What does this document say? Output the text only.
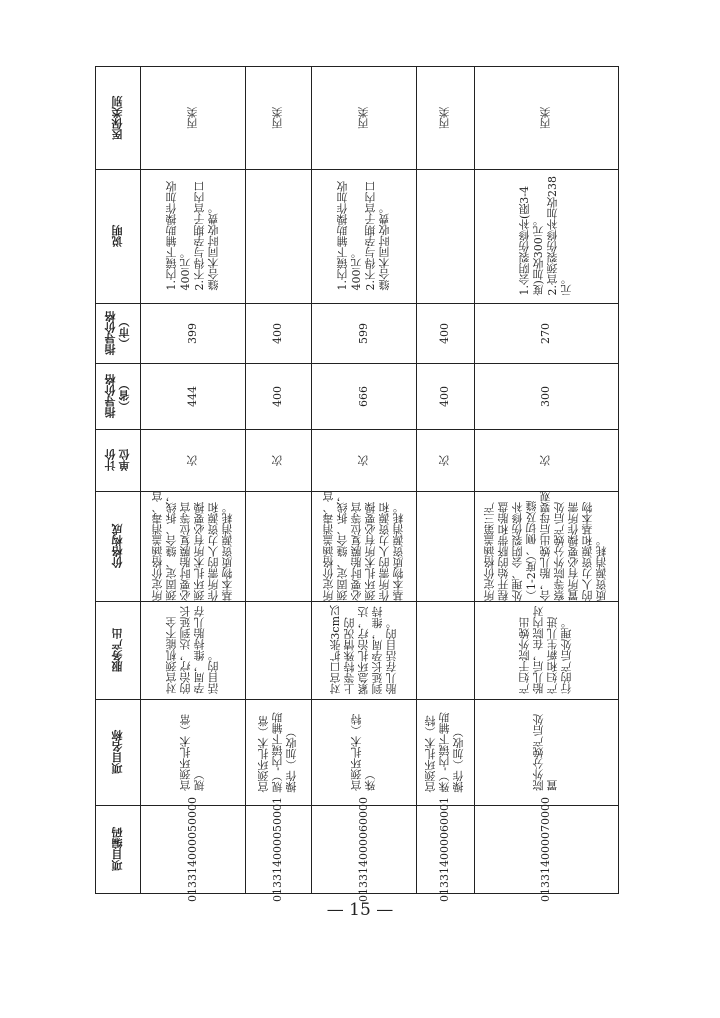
项目编码
项目名称
服务产出
价格构成
计价
单位
指导价格
（省）
指导价格
（市）
说明
医保类别
013314000050000
宫颈环扎术（常
规）
对宫颈机能不全
的治疗，达到延长
孕周，维持胎儿存
活目的。
所定价格涵盖消毒、宫
颈固定、缝合、拆线，
必要时胎膜复位等宫
颈环扎术所有必要操
作所需的人力资源和
基本物质资源消耗。
次
444
399
1.内镜下辅助操作加收
400元。
2.不得与孕期子宫内口
缝合术同时收费。
丙类
013314000050001
宫颈环扎术（常
规）-内镜下辅助
操作（加收）
次
400
400
丙类
013314000060000
宫颈环扎术（特
殊）
对宫口扩张3cm以
上等特殊情况的
紧急环扎治疗，达
到延长孕周，维持
胎儿存活目的。
所定价格涵盖消毒、宫
颈固定、缝合、拆线，
必要时胎膜复位等宫
颈环扎术所有必要操
作所需的人力资源和
基本物质资源消耗。
次
666
599
1.内镜下辅助操作加收
400元。
2.不得与孕期子宫内口
缝合术同时收费。
丙类
013314000060001
宫颈环扎术（特
殊）-内镜下辅助
操作（加收）
次
400
400
丙类
013314000070000
院外分娩产后处
置
产妇于院外娩出
胎儿后，在院内对
产妇和新生儿进
行的产后处理。
所定价格涵盖第三产
程开始的脐带和胎盘
处理、会阴裂伤修补
（1-2度）、侧切及缝
合，胎儿娩出后母婴观
察等院外分娩产后处
置所有必要操作所需
的人力资源和基本物
质资源消耗。
次
300
270
1.会阴裂伤修补(限3-4
度)加收300元。
2.宫颈裂伤修补加收238
元。
丙类
— 15 —
